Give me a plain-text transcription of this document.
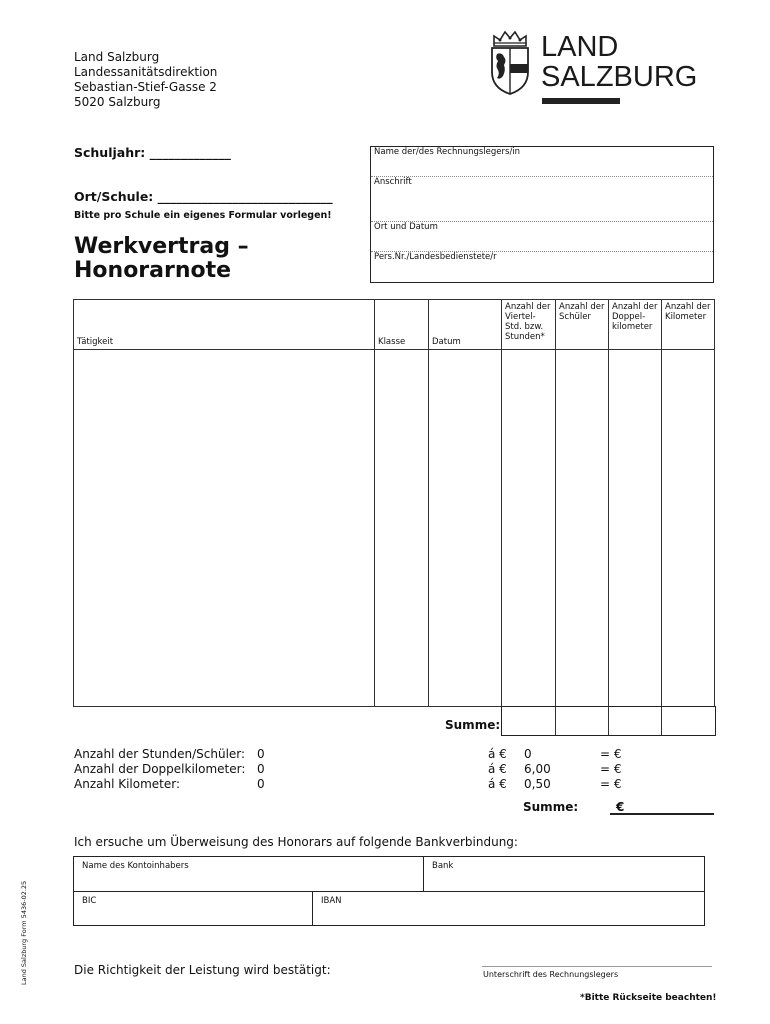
Land Salzburg
Landessanitätsdirektion
Sebastian-Stief-Gasse 2
5020 Salzburg
LAND
SALZBURG
Schuljahr: _____________
Ort/Schule: ____________________________
Bitte pro Schule ein eigenes Formular vorlegen!
Werkvertrag –
Honorarnote
Name der/des Rechnungslegers/in
Anschrift
Ort und Datum
Pers.Nr./Landesbedienstete/r
Tätigkeit	Klasse	Datum	Anzahl der Viertel-Std. bzw. Stunden*	Anzahl der Schüler	Anzahl der Doppel-kilometer	Anzahl der Kilometer

Summe:
Anzahl der Stunden/Schüler: 0	á € 0	= €
Anzahl der Doppelkilometer: 0	á € 6,00	= €
Anzahl Kilometer:	0	á € 0,50	= €
Summe:	€
Ich ersuche um Überweisung des Honorars auf folgende Bankverbindung:
Name des Kontoinhabers	Bank
BIC	IBAN
Die Richtigkeit der Leistung wird bestätigt:	Unterschrift des Rechnungslegers
*Bitte Rückseite beachten!
Land Salzburg Form 5436-02.25
